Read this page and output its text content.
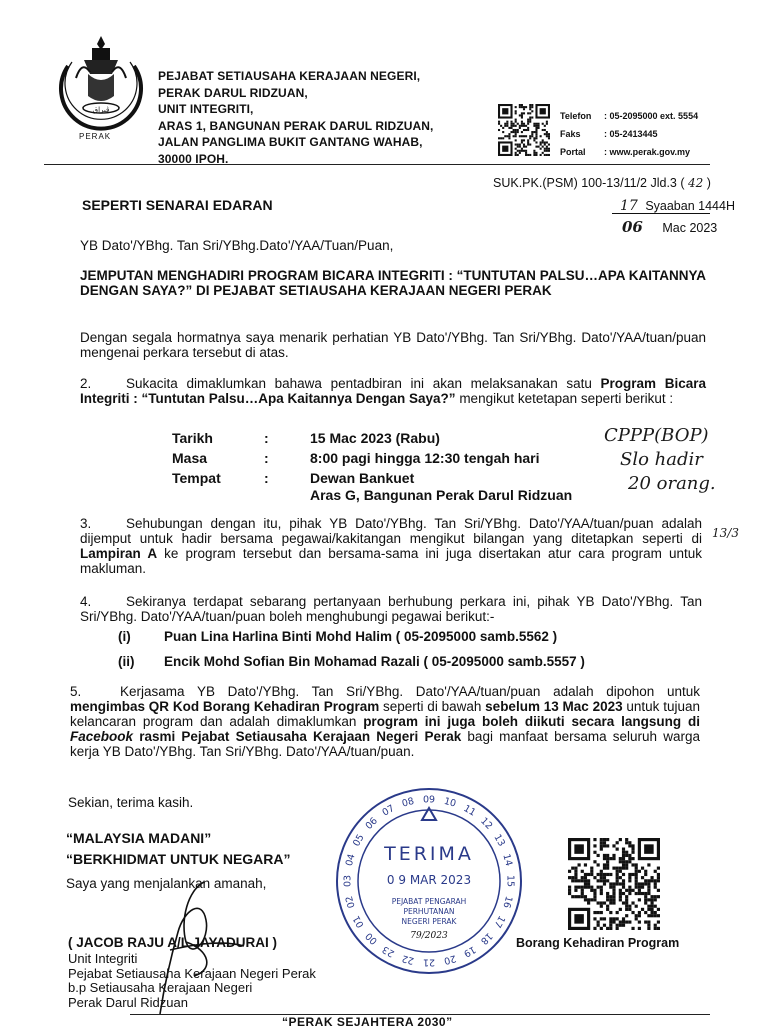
ڤيراق
PERAK
PEJABAT SETIAUSAHA KERAJAAN NEGERI,
PERAK DARUL RIDZUAN,
UNIT INTEGRITI,
ARAS 1, BANGUNAN PERAK DARUL RIDZUAN,
JALAN PANGLIMA BUKIT GANTANG WAHAB,
30000 IPOH.
Telefon : 05-2095000 ext. 5554
Faks	: 05-2413445
Portal : www.perak.gov.my
SUK.PK.(PSM) 100-13/11/2 Jld.3 ( 42 )
SEPERTI SENARAI EDARAN	17 Syaaban 1444H
06 Mac 2023
YB Dato'/YBhg. Tan Sri/YBhg.Dato'/YAA/Tuan/Puan,
JEMPUTAN MENGHADIRI PROGRAM BICARA INTEGRITI : “TUNTUTAN PALSU…APA KAITANNYA DENGAN SAYA?” DI PEJABAT SETIAUSAHA KERAJAAN NEGERI PERAK
Dengan segala hormatnya saya menarik perhatian YB Dato'/YBhg. Tan Sri/YBhg. Dato'/YAA/tuan/puan mengenai perkara tersebut di atas.
2.	Sukacita dimaklumkan bahawa pentadbiran ini akan melaksanakan satu Program Bicara Integriti : “Tuntutan Palsu…Apa Kaitannya Dengan Saya?” mengikut ketetapan seperti berikut :
Tarikh	:	15 Mac 2023 (Rabu)
Masa	:	8:00 pagi hingga 12:30 tengah hari
Tempat	:	Dewan Bankuet
Aras G, Bangunan Perak Darul Ridzuan
CPPP(BOP)
Slo hadir
20 orang.
13/3
3.	Sehubungan dengan itu, pihak YB Dato'/YBhg. Tan Sri/YBhg. Dato'/YAA/tuan/puan adalah dijemput untuk hadir bersama pegawai/kakitangan mengikut bilangan yang ditetapkan seperti di Lampiran A ke program tersebut dan bersama-sama ini juga disertakan atur cara program untuk makluman.
4.	Sekiranya terdapat sebarang pertanyaan berhubung perkara ini, pihak YB Dato'/YBhg. Tan Sri/YBhg. Dato'/YAA/tuan/puan boleh menghubungi pegawai berikut:-
(i) Puan Lina Harlina Binti Mohd Halim ( 05-2095000 samb.5562 )
(ii) Encik Mohd Sofian Bin Mohamad Razali ( 05-2095000 samb.5557 )
5.	Kerjasama YB Dato'/YBhg. Tan Sri/YBhg. Dato'/YAA/tuan/puan adalah dipohon untuk mengimbas QR Kod Borang Kehadiran Program seperti di bawah sebelum 13 Mac 2023 untuk tujuan kelancaran program dan adalah dimaklumkan program ini juga boleh diikuti secara langsung di Facebook rasmi Pejabat Setiausaha Kerajaan Negeri Perak bagi manfaat bersama seluruh warga kerja YB Dato'/YBhg. Tan Sri/YBhg. Dato'/YAA/tuan/puan.
Sekian, terima kasih.
“MALAYSIA MADANI”
“BERKHIDMAT UNTUK NEGARA”
Saya yang menjalankan amanah,
( JACOB RAJU A/L JAYADURAI )
Unit Integriti
Pejabat Setiausaha Kerajaan Negeri Perak
b.p Setiausaha Kerajaan Negeri
Perak Darul Ridzuan
10
11
12
13
14
15
16
17
18
19
20
21
22
23
00
01
02
03
04
05
06
07
08 09
TERIMA
0 9 MAR 2023
PEJABAT PENGARAH
PERHUTANAN
NEGERI PERAK
79/2023	Borang Kehadiran Program
“PERAK SEJAHTERA 2030”
